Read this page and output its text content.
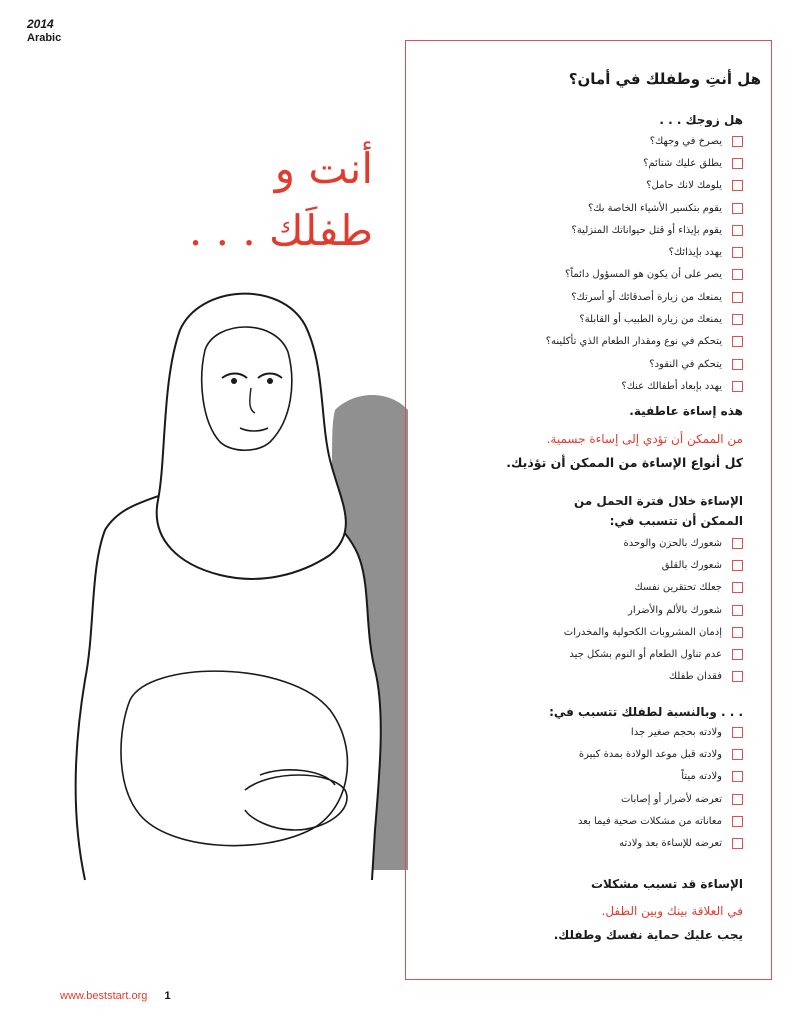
2014
Arabic
أنت و
طفلَك . . .
هل أنتِ وطفلك في أمان؟
هل زوجك . . .
يصرخ في وجهك؟
يطلق عليك شتائم؟
يلومك لانك حامل؟
يقوم بتكسير الأشياء الخاصة بك؟
يقوم بإيذاء أو قتل حيواناتك المنزلية؟
يهدد بإيذائك؟
يصر على أن يكون هو المسؤول دائماً؟
يمنعك من زيارة أصدقائك أو أسرتك؟
يمنعك من زيارة الطبيب أو القابلة؟
يتحكم في نوع ومقدار الطعام الذي تأكلينه؟
يتحكم في النقود؟
يهدد بإبعاد أطفالك عنك؟
هذه إساءة عاطفية.
من الممكن أن تؤدي إلى إساءة جسمية.
كل أنواع الإساءة من الممكن أن تؤذيك.
الإساءة خلال فترة الحمل من
الممكن أن تتسبب في:
شعورك بالحزن والوحدة
شعورك بالقلق
جعلك تحتقرين نفسك
شعورك بالألم والأضرار
إدمان المشروبات الكحولية والمخدرات
عدم تناول الطعام أو النوم بشكل جيد
فقدان طفلك
. . . وبالنسبة لطفلك تتسبب في:
ولادته بحجم صغير جدا
ولادته قبل موعد الولادة بمدة كبيرة
ولادته ميتاً
تعرضه لأضرار أو إصابات
معاناته من مشكلات صحية فيما بعد
تعرضه للإساءة بعد ولادته
الإساءة قد تسبب مشكلات
في العلاقة بينك وبين الطفل.
يجب عليك حماية نفسك وطفلك.
www.beststart.org 1
